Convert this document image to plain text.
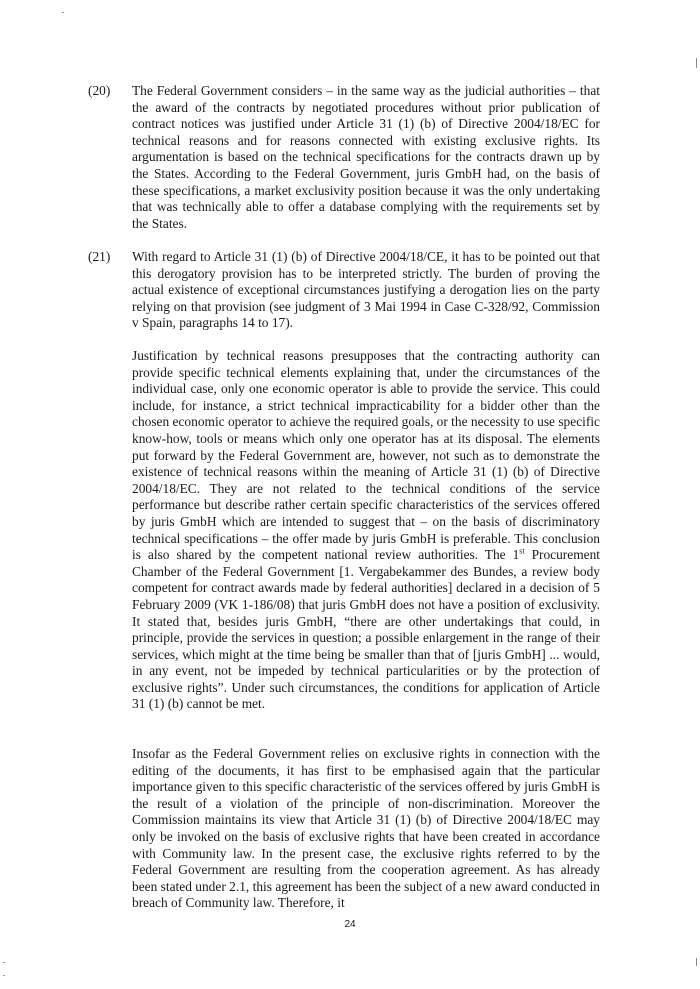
(20) The Federal Government considers – in the same way as the judicial authorities – that the award of the contracts by negotiated procedures without prior publication of contract notices was justified under Article 31 (1) (b) of Directive 2004/18/EC for technical reasons and for reasons connected with existing exclusive rights. Its argumentation is based on the technical specifications for the contracts drawn up by the States. According to the Federal Government, juris GmbH had, on the basis of these specifications, a market exclusivity position because it was the only undertaking that was technically able to offer a database complying with the requirements set by the States.
(21) With regard to Article 31 (1) (b) of Directive 2004/18/CE, it has to be pointed out that this derogatory provision has to be interpreted strictly. The burden of proving the actual existence of exceptional circumstances justifying a derogation lies on the party relying on that provision (see judgment of 3 Mai 1994 in Case C-328/92, Commission v Spain, paragraphs 14 to 17).
Justification by technical reasons presupposes that the contracting authority can provide specific technical elements explaining that, under the circumstances of the individual case, only one economic operator is able to provide the service. This could include, for instance, a strict technical impracticability for a bidder other than the chosen economic operator to achieve the required goals, or the necessity to use specific know-how, tools or means which only one operator has at its disposal. The elements put forward by the Federal Government are, however, not such as to demonstrate the existence of technical reasons within the meaning of Article 31 (1) (b) of Directive 2004/18/EC. They are not related to the technical conditions of the service performance but describe rather certain specific characteristics of the services offered by juris GmbH which are intended to suggest that – on the basis of discriminatory technical specifications – the offer made by juris GmbH is preferable. This conclusion is also shared by the competent national review authorities. The 1st Procurement Chamber of the Federal Government [1. Vergabekammer des Bundes, a review body competent for contract awards made by federal authorities] declared in a decision of 5 February 2009 (VK 1-186/08) that juris GmbH does not have a position of exclusivity. It stated that, besides juris GmbH, “there are other undertakings that could, in principle, provide the services in question; a possible enlargement in the range of their services, which might at the time being be smaller than that of [juris GmbH] ... would, in any event, not be impeded by technical particularities or by the protection of exclusive rights”. Under such circumstances, the conditions for application of Article 31 (1) (b) cannot be met.
Insofar as the Federal Government relies on exclusive rights in connection with the editing of the documents, it has first to be emphasised again that the particular importance given to this specific characteristic of the services offered by juris GmbH is the result of a violation of the principle of non-discrimination. Moreover the Commission maintains its view that Article 31 (1) (b) of Directive 2004/18/EC may only be invoked on the basis of exclusive rights that have been created in accordance with Community law. In the present case, the exclusive rights referred to by the Federal Government are resulting from the cooperation agreement. As has already been stated under 2.1, this agreement has been the subject of a new award conducted in breach of Community law. Therefore, it
24
